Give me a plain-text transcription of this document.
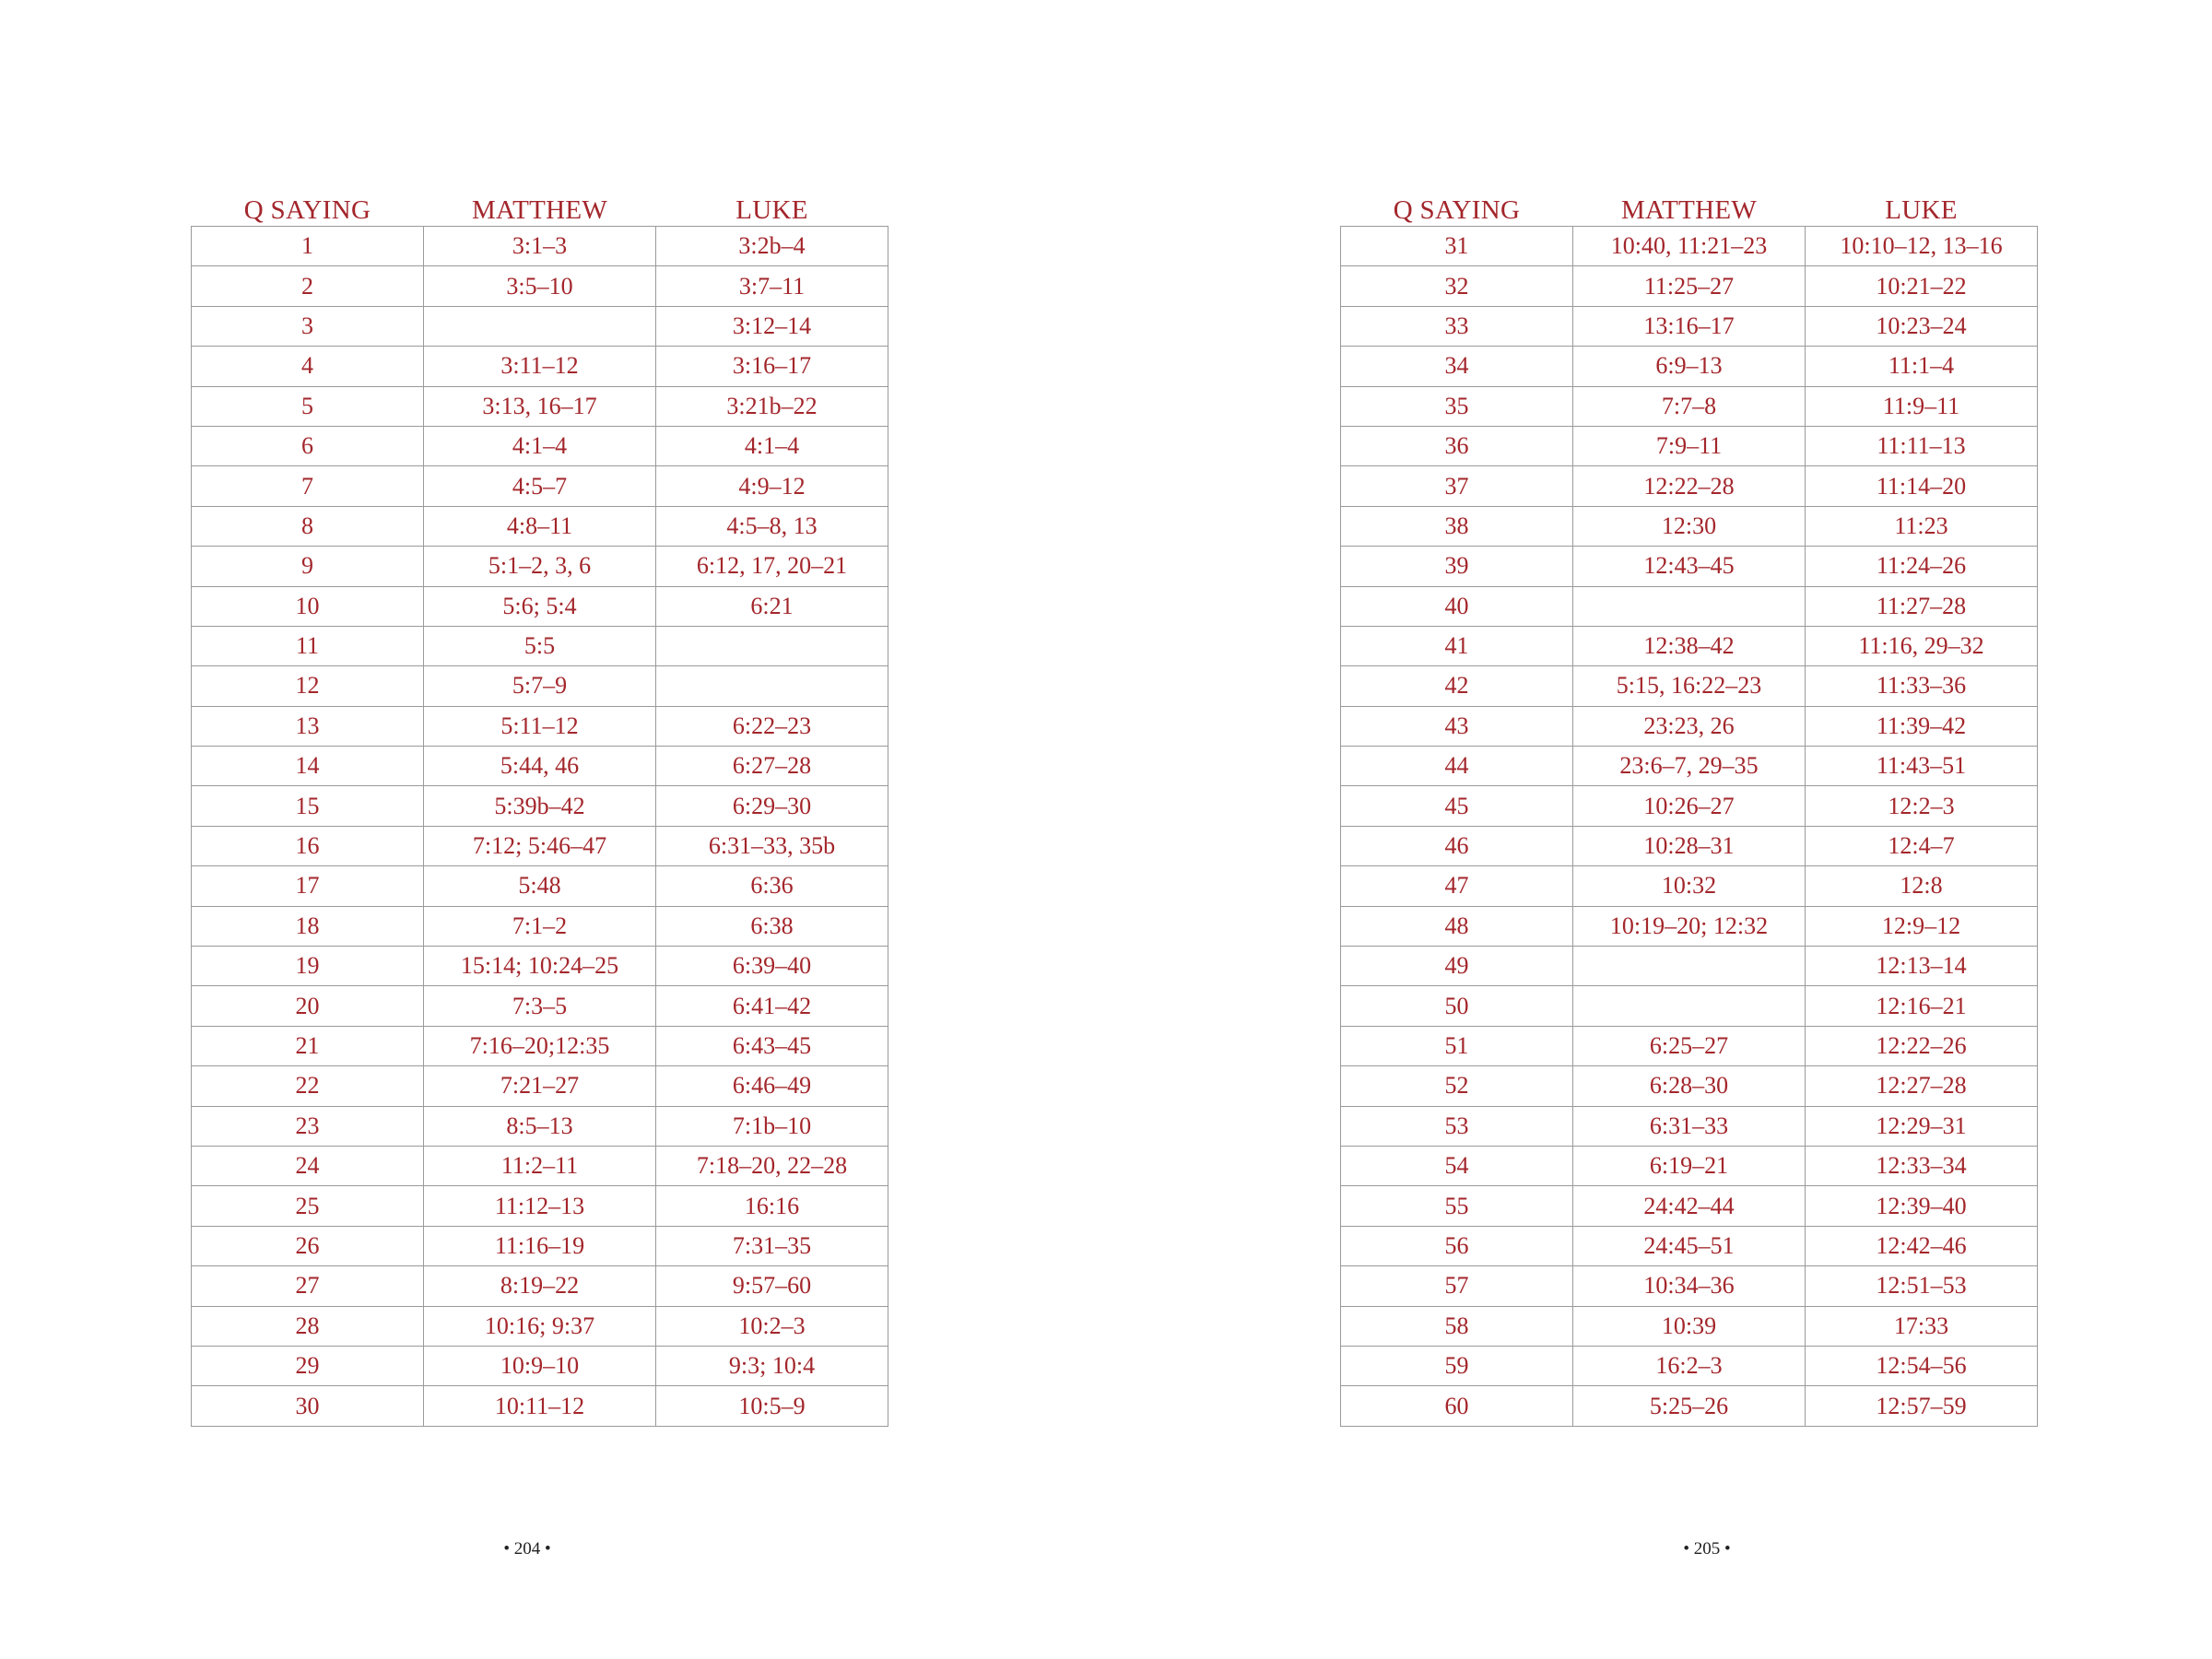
Q SAYING	MATTHEW	LUKE
1	3:1–3	3:2b–4
2	3:5–10	3:7–11
3		3:12–14
4	3:11–12	3:16–17
5	3:13, 16–17	3:21b–22
6	4:1–4	4:1–4
7	4:5–7	4:9–12
8	4:8–11	4:5–8, 13
9	5:1–2, 3, 6	6:12, 17, 20–21
10	5:6; 5:4	6:21
11	5:5	
12	5:7–9	
13	5:11–12	6:22–23
14	5:44, 46	6:27–28
15	5:39b–42	6:29–30
16	7:12; 5:46–47	6:31–33, 35b
17	5:48	6:36
18	7:1–2	6:38
19	15:14; 10:24–25	6:39–40
20	7:3–5	6:41–42
21	7:16–20;12:35	6:43–45
22	7:21–27	6:46–49
23	8:5–13	7:1b–10
24	11:2–11	7:18–20, 22–28
25	11:12–13	16:16
26	11:16–19	7:31–35
27	8:19–22	9:57–60
28	10:16; 9:37	10:2–3
29	10:9–10	9:3; 10:4
30	10:11–12	10:5–9
• 204 •
Q SAYING	MATTHEW	LUKE
31	10:40, 11:21–23	10:10–12, 13–16
32	11:25–27	10:21–22
33	13:16–17	10:23–24
34	6:9–13	11:1–4
35	7:7–8	11:9–11
36	7:9–11	11:11–13
37	12:22–28	11:14–20
38	12:30	11:23
39	12:43–45	11:24–26
40		11:27–28
41	12:38–42	11:16, 29–32
42	5:15, 16:22–23	11:33–36
43	23:23, 26	11:39–42
44	23:6–7, 29–35	11:43–51
45	10:26–27	12:2–3
46	10:28–31	12:4–7
47	10:32	12:8
48	10:19–20; 12:32	12:9–12
49		12:13–14
50		12:16–21
51	6:25–27	12:22–26
52	6:28–30	12:27–28
53	6:31–33	12:29–31
54	6:19–21	12:33–34
55	24:42–44	12:39–40
56	24:45–51	12:42–46
57	10:34–36	12:51–53
58	10:39	17:33
59	16:2–3	12:54–56
60	5:25–26	12:57–59
• 205 •
